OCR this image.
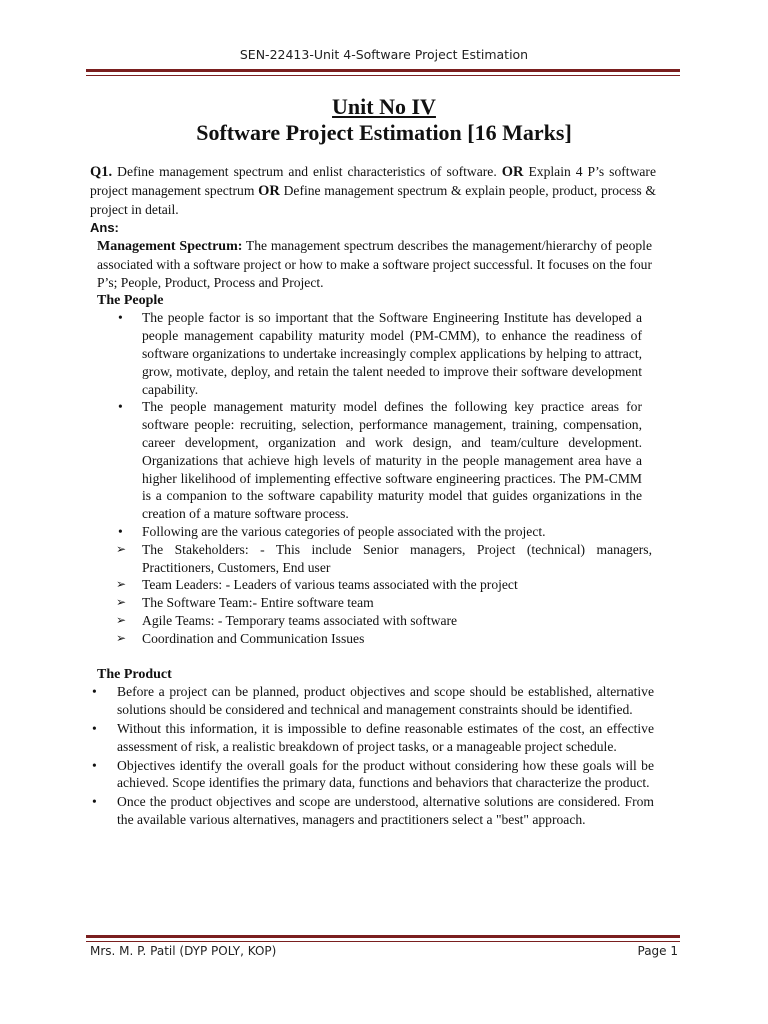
SEN-22413-Unit 4-Software Project Estimation
Unit No IV
Software Project Estimation [16 Marks]
Q1. Define management spectrum and enlist characteristics of software. OR Explain 4 P’s software project management spectrum OR Define management spectrum & explain people, product, process & project in detail.
Ans:
Management Spectrum: The management spectrum describes the management/hierarchy of people associated with a software project or how to make a software project successful. It focuses on the four P’s; People, Product, Process and Project.
The People
• The people factor is so important that the Software Engineering Institute has developed a people management capability maturity model (PM-CMM), to enhance the readiness of software organizations to undertake increasingly complex applications by helping to attract, grow, motivate, deploy, and retain the talent needed to improve their software development capability.
• The people management maturity model defines the following key practice areas for software people: recruiting, selection, performance management, training, compensation, career development, organization and work design, and team/culture development. Organizations that achieve high levels of maturity in the people management area have a higher likelihood of implementing effective software engineering practices. The PM-CMM is a companion to the software capability maturity model that guides organizations in the creation of a mature software process.
• Following are the various categories of people associated with the project.
➢ The Stakeholders: - This include Senior managers, Project (technical) managers, Practitioners, Customers, End user
➢ Team Leaders: - Leaders of various teams associated with the project
➢ The Software Team:- Entire software team
➢ Agile Teams: - Temporary teams associated with software
➢ Coordination and Communication Issues
The Product
• Before a project can be planned, product objectives and scope should be established, alternative solutions should be considered and technical and management constraints should be identified.
• Without this information, it is impossible to define reasonable estimates of the cost, an effective assessment of risk, a realistic breakdown of project tasks, or a manageable project schedule.
• Objectives identify the overall goals for the product without considering how these goals will be achieved. Scope identifies the primary data, functions and behaviors that characterize the product.
• Once the product objectives and scope are understood, alternative solutions are considered. From the available various alternatives, managers and practitioners select a "best" approach.
Mrs. M. P. Patil (DYP POLY, KOP)	Page 1
